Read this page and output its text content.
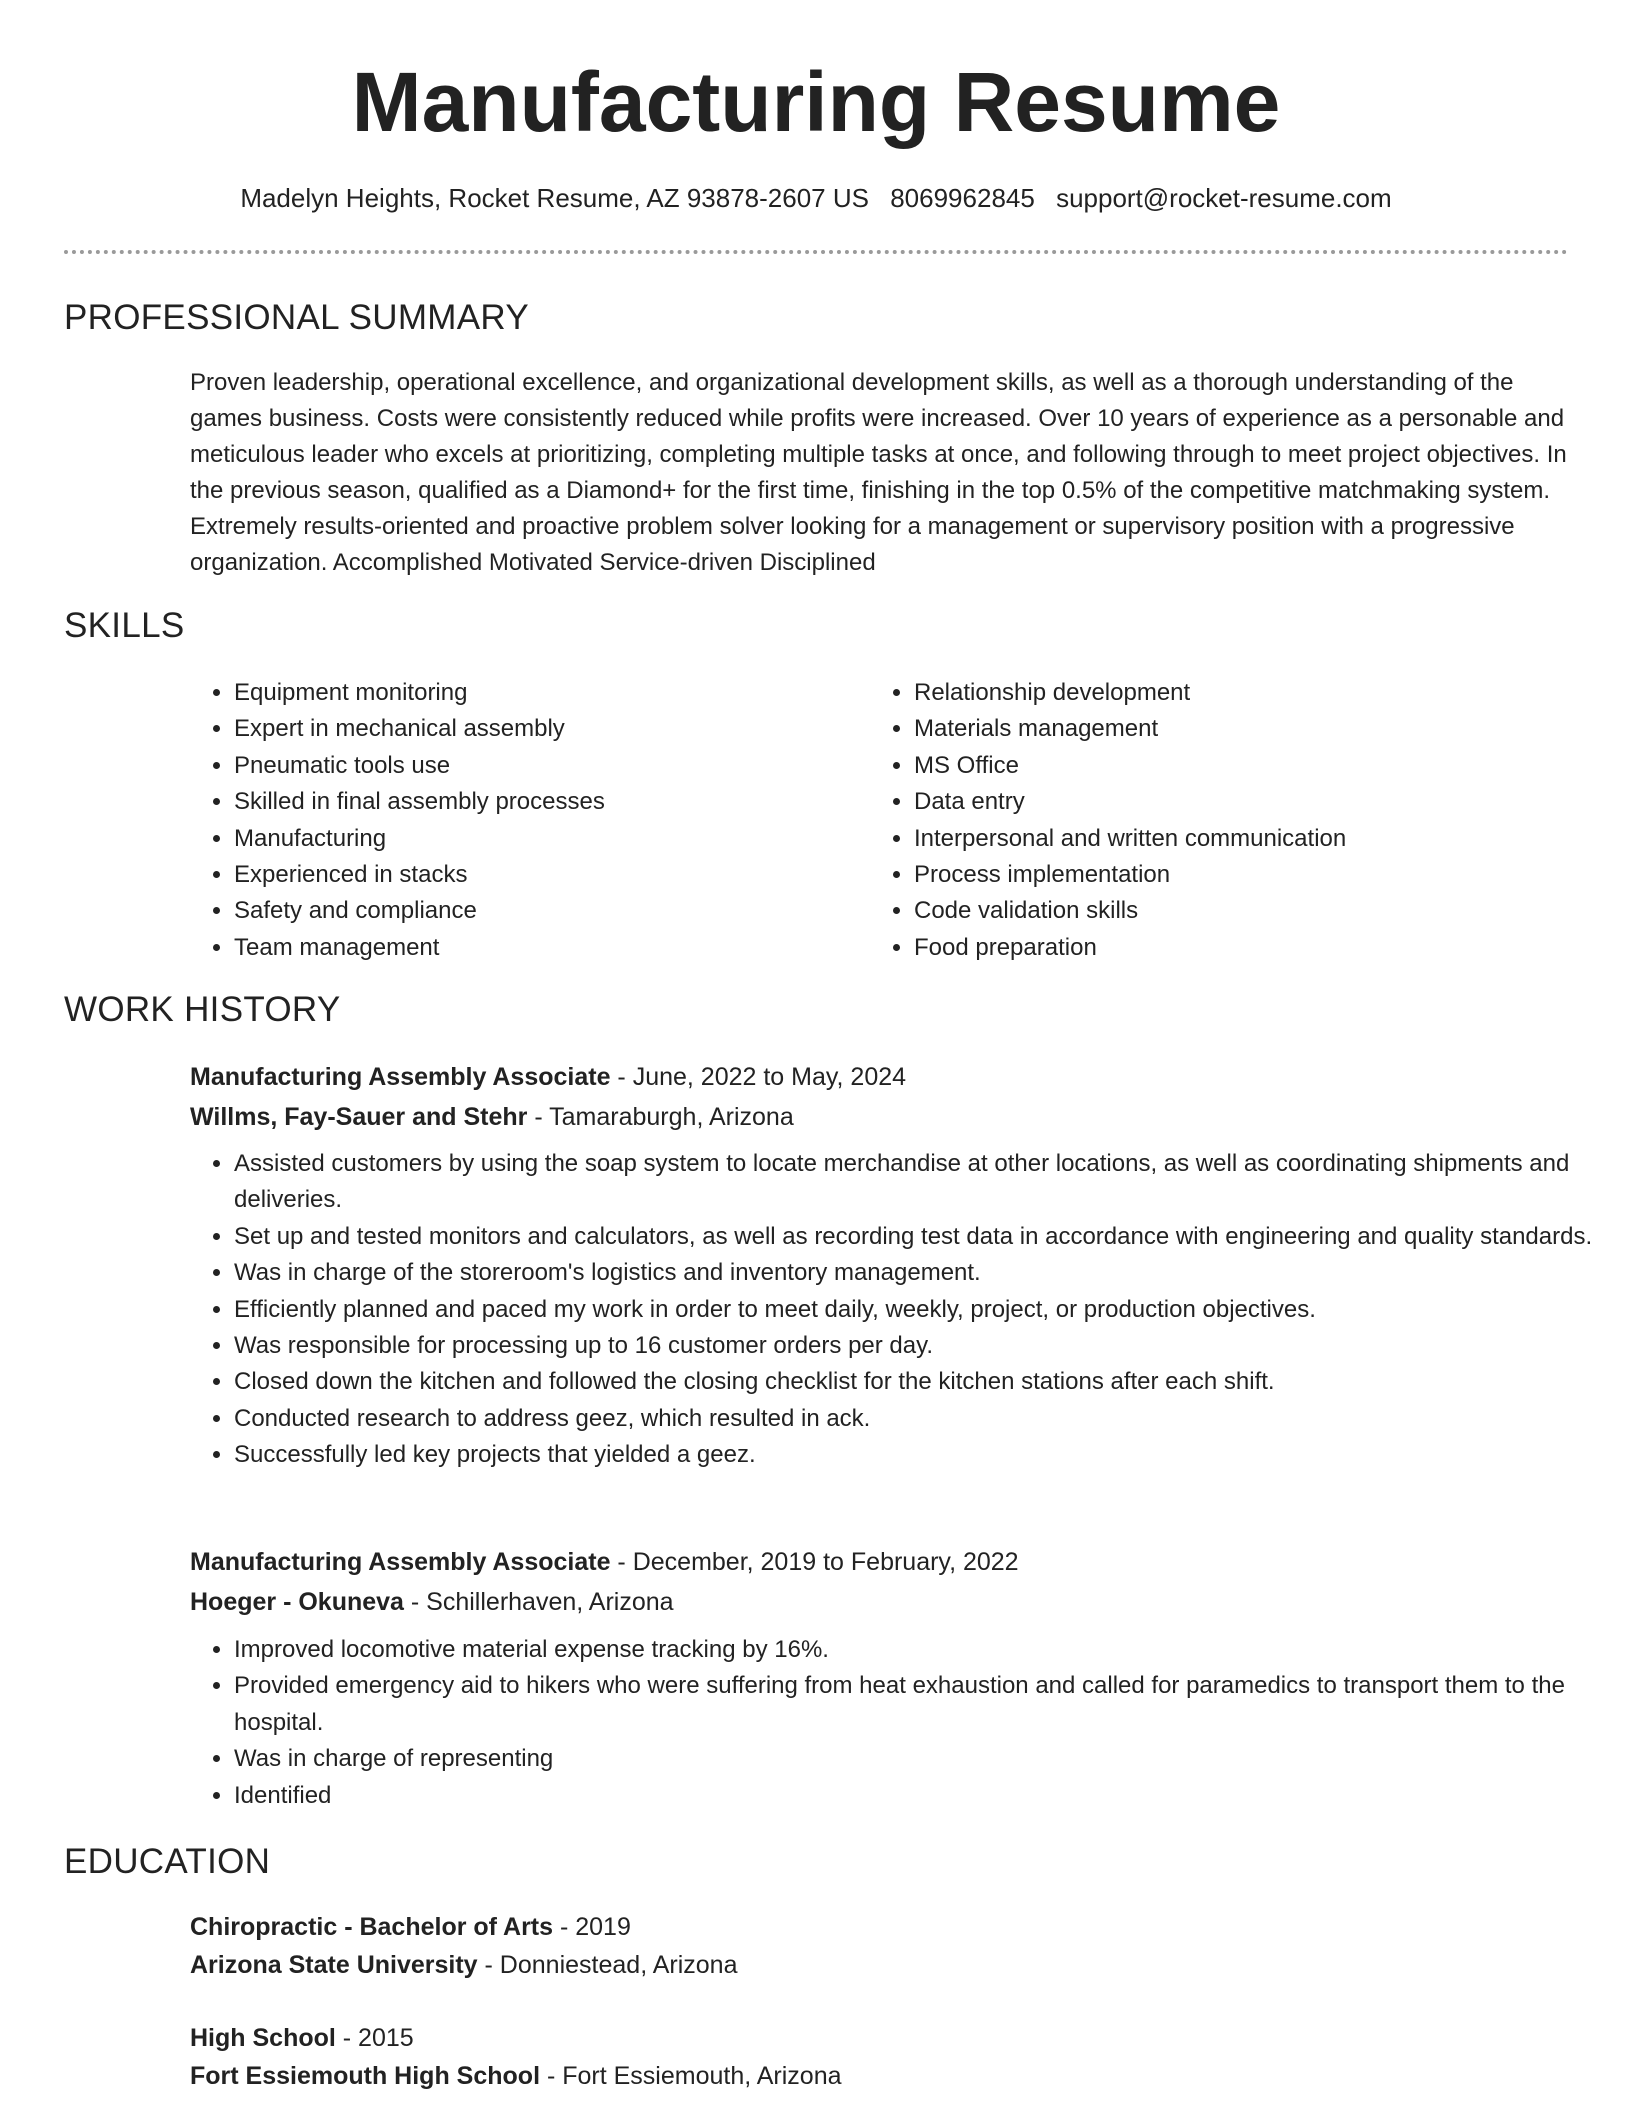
Manufacturing Resume
Madelyn Heights, Rocket Resume, AZ 93878-2607 US 8069962845 support@rocket-resume.com
PROFESSIONAL SUMMARY

Proven leadership, operational excellence, and organizational development skills, as well as a thorough understanding of the games business. Costs were consistently reduced while profits were increased. Over 10 years of experience as a personable and meticulous leader who excels at prioritizing, completing multiple tasks at once, and following through to meet project objectives. In the previous season, qualified as a Diamond+ for the first time, finishing in the top 0.5% of the competitive matchmaking system. Extremely results-oriented and proactive problem solver looking for a management or supervisory position with a progressive organization. Accomplished Motivated Service-driven Disciplined

SKILLS
• Equipment monitoring
• Expert in mechanical assembly
• Pneumatic tools use
• Skilled in final assembly processes
• Manufacturing
• Experienced in stacks
• Safety and compliance
• Team management
• Relationship development
• Materials management
• MS Office
• Data entry
• Interpersonal and written communication
• Process implementation
• Code validation skills
• Food preparation
WORK HISTORY
Manufacturing Assembly Associate - June, 2022 to May, 2024
Willms, Fay-Sauer and Stehr - Tamaraburgh, Arizona
• Assisted customers by using the soap system to locate merchandise at other locations, as well as coordinating shipments and deliveries.
• Set up and tested monitors and calculators, as well as recording test data in accordance with engineering and quality standards.
• Was in charge of the storeroom's logistics and inventory management.
• Efficiently planned and paced my work in order to meet daily, weekly, project, or production objectives.
• Was responsible for processing up to 16 customer orders per day.
• Closed down the kitchen and followed the closing checklist for the kitchen stations after each shift.
• Conducted research to address geez, which resulted in ack.
• Successfully led key projects that yielded a geez.
Manufacturing Assembly Associate - December, 2019 to February, 2022
Hoeger - Okuneva - Schillerhaven, Arizona
• Improved locomotive material expense tracking by 16%.
• Provided emergency aid to hikers who were suffering from heat exhaustion and called for paramedics to transport them to the hospital.
• Was in charge of representing
• Identified
EDUCATION
Chiropractic - Bachelor of Arts - 2019
Arizona State University - Donniestead, Arizona
High School - 2015
Fort Essiemouth High School - Fort Essiemouth, Arizona
